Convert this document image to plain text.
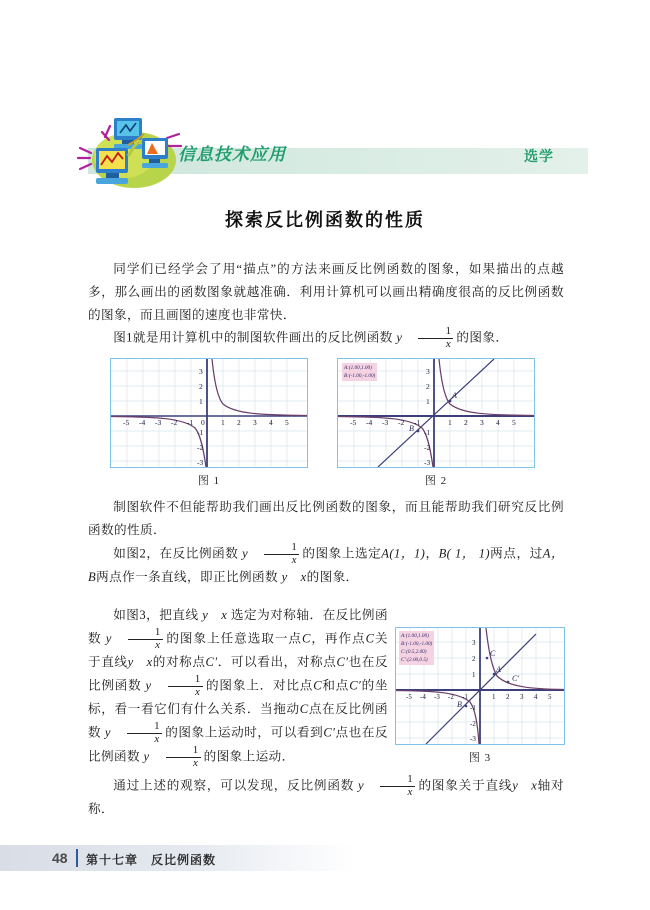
信息技术应用	选学
探索反比例函数的性质
同学们已经学会了用“描点”的方法来画反比例函数的图象，如果描出的点越多，那么画出的函数图象就越准确．利用计算机可以画出精确度很高的反比例函数的图象，而且画图的速度也非常快．
图1就是用计算机中的制图软件画出的反比例函数 y $\frac{1}{x}$ 的图象．
-5 -4 -3 -2 -1 0 1 2 3 4 5
3
2
1
-1
-2
-3
图 1
A
B
-5 -4 -3 -2 -1	1 2 3 4 5
3
2
1
-1
-2
-3
A:(1.00,1.00)
B:(-1.00,-1.00)
图 2
制图软件不但能帮助我们画出反比例函数的图象，而且能帮助我们研究反比例函数的性质．
如图2，在反比例函数 y $\frac{1}{x}$ 的图象上选定A(1，1)，B( 1， 1)两点，过A，B两点作一条直线，即正比例函数 y x的图象．
如图3，把直线 y x 选定为对称轴．在反比例函数 y $\frac{1}{x}$ 的图象上任意选取一点C，再作点C关于直线y x的对称点C′．可以看出，对称点C′也在反比例函数 y $\frac{1}{x}$ 的图象上．对比点C和点C′的坐标，看一看它们有什么关系．当拖动C点在反比例函数 y $\frac{1}{x}$ 的图象上运动时，可以看到C′点也在反比例函数 y $\frac{1}{x}$ 的图象上运动．
C
A
C′
B
-5 -4 -3 -2 -1	1 2 3 4 5
3
2
1
-1
-2
-3
A:(1.00,1.00)
B:(-1.00,-1.00)
C:(0.5,2.00)
C′:(2.00,0.5)
图 3
通过上述的观察，可以发现，反比例函数 y $\frac{1}{x}$ 的图象关于直线y x轴对称．
48 第十七章　反比例函数
